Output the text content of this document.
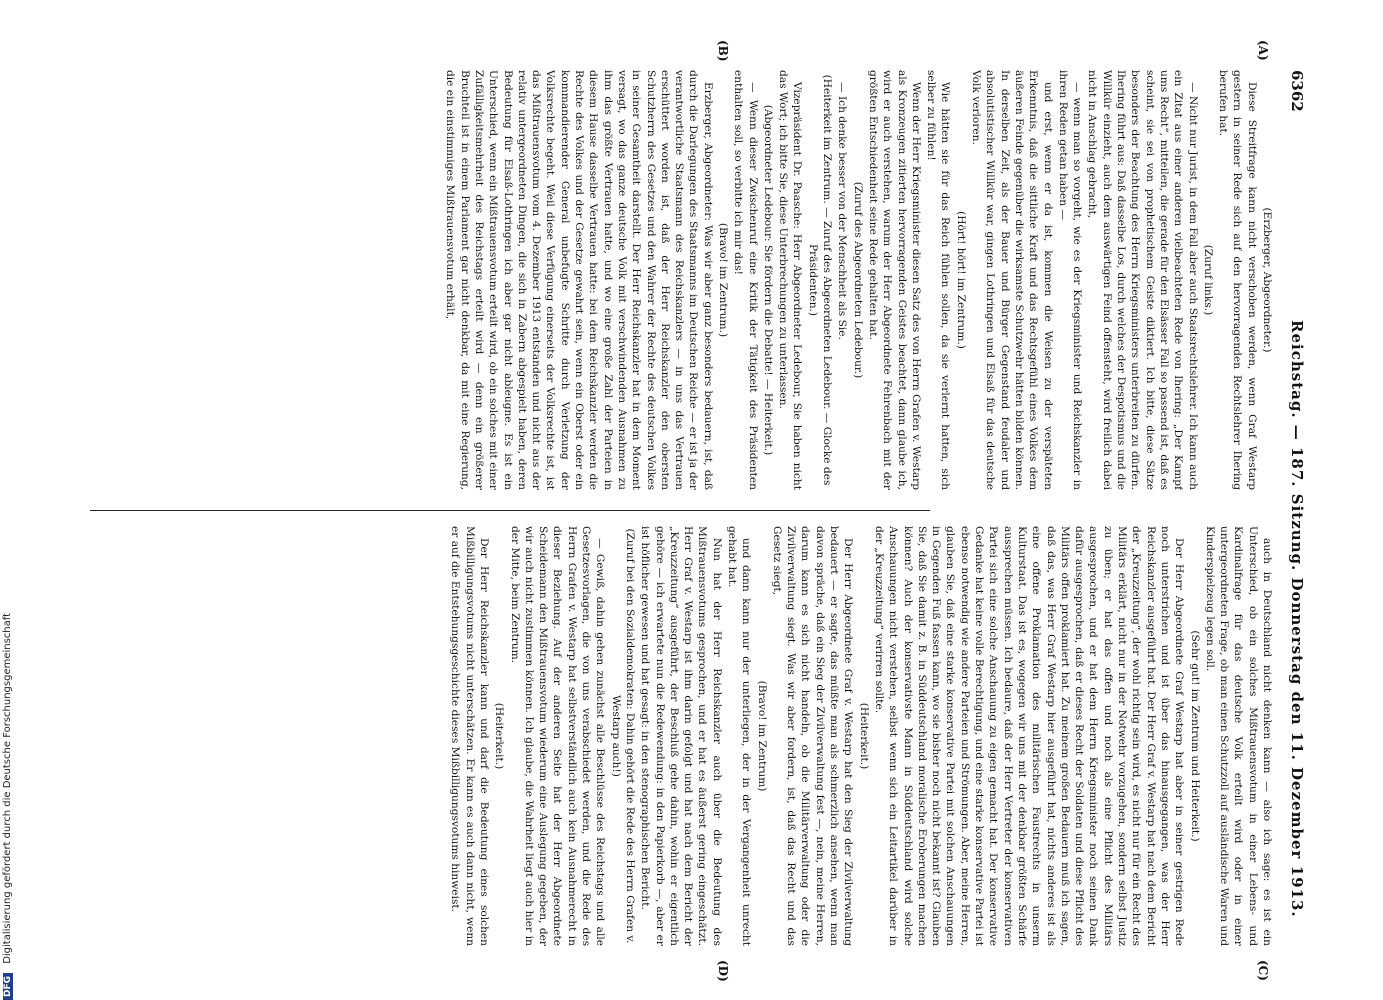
6362
Reichstag. — 187. Sitzung. Donnerstag den 11. Dezember 1913.
(A)
(B)
(C)
(D)

(Erzberger, Abgeordneter.)

Diese Streitfrage kann nicht verschoben werden, wenn Graf Westarp gestern in seiner Rede sich auf den hervorragenden Rechtslehrer Ihering berufen hat.

(Zuruf links.)

— Nicht nur Jurist, in dem Fall aber auch Staatsrechtslehrer. Ich kann auch ein Zitat aus einer anderen vielbeachteten Rede von Ihering: „Der Kampf ums Recht“, mitteilen, die gerade für den Elsässer Fall so passend ist, daß es scheint, sie sei von prophetischem Geiste diktiert. Ich bitte, diese Sätze besonders der Beachtung des Herrn Kriegsministers unterbreiten zu dürfen. Ihering führt aus: Daß dasselbe Los, durch welches der Despotismus und die Willkür einzieht, auch dem auswärtigen Feind offensteht, wird freilich dabei nicht in Anschlag gebracht,

— wenn man so vorgeht, wie es der Kriegsminister und Reichskanzler in ihren Reden getan haben —

und erst, wenn er da ist, kommen die Weisen zu der verspäteten Erkenntnis, daß die sittliche Kraft und das Rechtsgefühl eines Volkes dem äußeren Feinde gegenüber die wirksamste Schutzwehr hätten bilden können. In derselben Zeit, als der Bauer und Bürger Gegenstand feudaler und absolutistischer Willkür war, gingen Lothringen und Elsaß für das deutsche Volk verloren.

(Hört! hört! im Zentrum.)

Wie hätten sie für das Reich fühlen sollen, da sie verlernt hatten, sich selber zu fühlen!

Wenn der Herr Kriegsminister diesen Satz des von Herrn Grafen v. Westarp als Kronzeugen zitierten hervorragenden Geistes beachtet, dann glaube ich, wird er auch verstehen, warum der Herr Abgeordnete Fehrenbach mit der größten Entschiedenheit seine Rede gehalten hat.

(Zuruf des Abgeordneten Ledebour.)

— Ich denke besser von der Menschheit als Sie.

(Heiterkeit im Zentrum. — Zuruf des Abgeordneten Ledebour. — Glocke des Präsidenten.)

Vizepräsident Dr. Paasche: Herr Abgeordneter Ledebour, Sie haben nicht das Wort; ich bitte Sie, diese Unterbrechungen zu unterlassen.

(Abgeordneter Ledebour: Sie fördern die Debatte! — Heiterkeit.)

— Wenn dieser Zwischenruf eine Kritik der Tätigkeit des Präsidenten enthalten soll, so verbitte ich mir das!

(Bravo! im Zentrum.)

Erzberger, Abgeordneter: Was wir aber ganz besonders bedauern, ist, daß durch die Darlegungen des Staatsmanns im Deutschen Reiche — er ist ja der verantwortliche Staatsmann des Reichskanzlers — in uns das Vertrauen erschüttert worden ist, daß der Herr Reichskanzler den obersten Schutzherrn des Gesetzes und den Wahrer der Rechte des deutschen Volkes in seiner Gesamtheit darstellt. Der Herr Reichskanzler hat in dem Moment versagt, wo das ganze deutsche Volk mit verschwindenden Ausnahmen zu ihm das größte Vertrauen hatte, und wo eine große Zahl der Parteien in diesem Hause dasselbe Vertrauen hatte: bei dem Reichskanzler werden die Rechte des Volkes und der Gesetze gewahrt sein, wenn ein Oberst oder ein kommandierender General unbefugte Schritte durch Verletzung der Volksrechte begeht. Weil diese Verfügung einerseits der Volksrechte ist, ist das Mißtrauensvotum vom 4. Dezember 1913 entstanden und nicht aus der relativ untergeordneten Dingen, die sich in Zabern abgespielt haben, deren Bedeutung für Elsaß-Lothringen ich aber gar nicht ableugne. Es ist ein Unterschied, wenn ein Mißtrauensvotum erteilt wird, ob ein solches mit einer Zufälligkeitsmehrheit des Reichstags erteilt wird — denn ein größerer Bruchteil ist in einem Parlament gar nicht denkbar, da mit eine Regierung, die ein einstimmiges Mißtrauensvotum erhält,

auch in Deutschland nicht denken kann — also ich sage: es ist ein Unterschied, ob ein solches Mißtrauensvotum in einer Lebens- und Kardinalfrage für das deutsche Volk erteilt wird oder in einer untergeordneten Frage, ob man einen Schutzzoll auf ausländische Waren und Kinderspielzeug legen soll.

(Sehr gut! im Zentrum und Heiterkeit.)

Der Herr Abgeordnete Graf Westarp hat aber in seiner gestrigen Rede noch unterstrichen und ist über das hinausgegangen, was der Herr Reichskanzler ausgeführt hat. Der Herr Graf v. Westarp hat nach dem Bericht der „Kreuzzeitung“, der wohl richtig sein wird, es nicht nur für ein Recht des Militärs erklärt, nicht nur in der Notwehr vorzugehen, sondern selbst Justiz zu üben; er hat das offen und noch als eine Pflicht des Militärs ausgesprochen, und er hat dem Herrn Kriegsminister noch seinen Dank dafür ausgesprochen, daß er dieses Recht der Soldaten und diese Pflicht des Militärs offen proklamiert hat. Zu meinem großen Bedauern muß ich sagen, daß das, was Herr Graf Westarp hier ausgeführt hat, nichts anderes ist als eine offene Proklamation des militärischen Faustrechts in unserm Kulturstaat. Das ist es, wogegen wir uns mit der denkbar größten Schärfe aussprechen müssen. Ich bedaure, daß der Herr Vertreter der konservativen Partei sich eine solche Anschauung zu eigen gemacht hat. Der konservative Gedanke hat keine volle Berechtigung, und eine starke konservative Partei ist ebenso notwendig wie andere Parteien und Strömungen. Aber, meine Herren, glauben Sie, daß eine starke konservative Partei mit solchen Anschauungen in Gegenden Fuß fassen kann, wo sie bisher noch nicht bekannt ist? Glauben Sie, daß Sie damit z. B. in Süddeutschland moralische Eroberungen machen können? Auch der konservativste Mann in Süddeutschland wird solche Anschauungen nicht verstehen, selbst wenn sich ein Leitartikel darüber in der „Kreuzzeitung“ verirren sollte.

(Heiterkeit.)

Der Herr Abgeordnete Graf v. Westarp hat den Sieg der Zivilverwaltung bedauert — er sagte, das müßte man als schmerzlich ansehen, wenn man davon spräche, daß ein Sieg der Zivilverwaltung fest —, nein, meine Herren, darum kann es sich nicht handeln, ob die Militärverwaltung oder die Zivilverwaltung siegt. Was wir aber fordern, ist, daß das Recht und das Gesetz siegt,

(Bravo! im Zentrum)

und dann kann nur der unterliegen, der in der Vergangenheit unrecht gehabt hat.

Nun hat der Herr Reichskanzler auch über die Bedeutung des Mißtrauensvotums gesprochen, und er hat es äußerst gering eingeschätzt. Herr Graf v. Westarp ist ihm darin gefolgt und hat nach dem Bericht der „Kreuzzeitung“ ausgeführt, der Beschluß gehe dahin, wohin er eigentlich gehöre — ich erwartete nun die Redewendung: in den Papierkorb —, aber er ist höflicher gewesen und hat gesagt: in den stenographischen Bericht.

(Zuruf bei den Sozialdemokraten: Dahin gehört die Rede des Herrn Grafen v. Westarp auch!)

— Gewiß, dahin gehen zunächst alle Beschlüsse des Reichstags und alle Gesetzesvorlagen, die von uns verabschiedet werden, und die Rede des Herrn Grafen v. Westarp hat selbstverständlich auch kein Ausnahmerecht in dieser Beziehung. Auf der anderen Seite hat der Herr Abgeordnete Scheidemann den Mißtrauensvotum wiederum eine Auslegung gegeben, der wir auch nicht zustimmen können. Ich glaube, die Wahrheit liegt auch hier in der Mitte, beim Zentrum.

(Heiterkeit.)

Der Herr Reichskanzler kann und darf die Bedeutung eines solchen Mißbilligungsvotums nicht unterschätzen. Er kann es auch dann nicht, wenn er auf die Entstehungsgeschichte dieses Mißbilligungsvotums hinweist.

DFG Digitalisierung gefördert durch die Deutsche Forschungsgemeinschaft
